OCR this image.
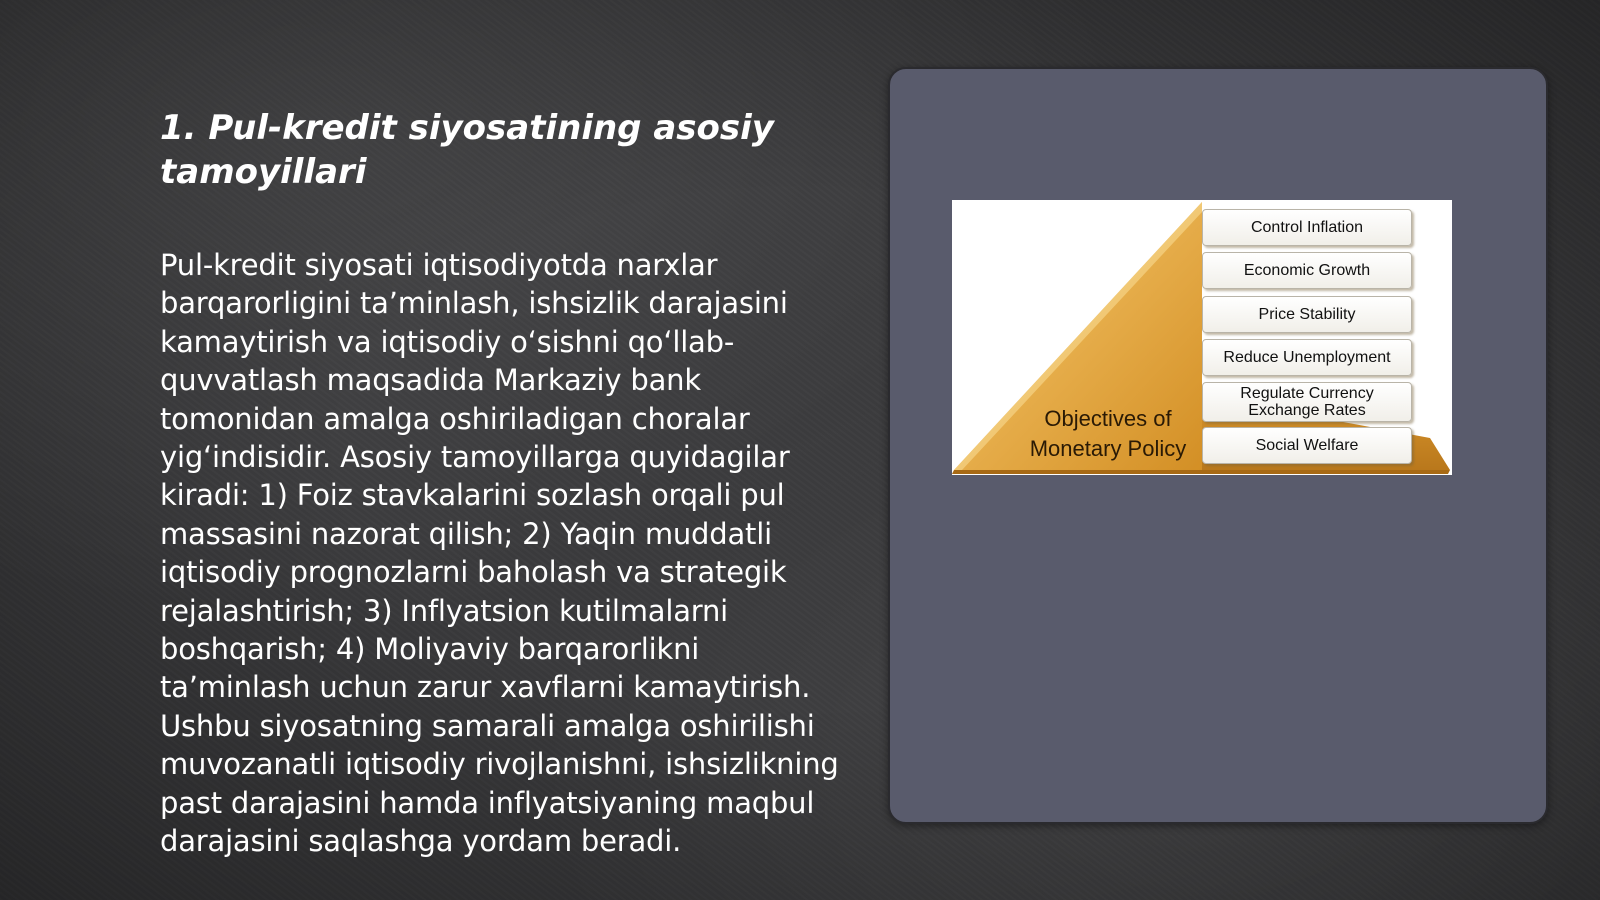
1. Pul-kredit siyosatining asosiy tamoyillari

Pul-kredit siyosati iqtisodiyotda narxlar barqarorligini ta’minlash, ishsizlik darajasini kamaytirish va iqtisodiy o‘sishni qo‘llab-quvvatlash maqsadida Markaziy bank tomonidan amalga oshiriladigan choralar yig‘indisidir. Asosiy tamoyillarga quyidagilar kiradi: 1) Foiz stavkalarini sozlash orqali pul massasini nazorat qilish; 2) Yaqin muddatli iqtisodiy prognozlarni baholash va strategik rejalashtirish; 3) Inflyatsion kutilmalarni boshqarish; 4) Moliyaviy barqarorlikni ta’minlash uchun zarur xavflarni kamaytirish. Ushbu siyosatning samarali amalga oshirilishi muvozanatli iqtisodiy rivojlanishni, ishsizlikning past darajasini hamda inflyatsiyaning maqbul darajasini saqlashga yordam beradi.

Objectives of
Monetary Policy
Control Inflation
Economic Growth
Price Stability
Reduce Unemployment
Regulate Currency
Exchange Rates
Social Welfare
